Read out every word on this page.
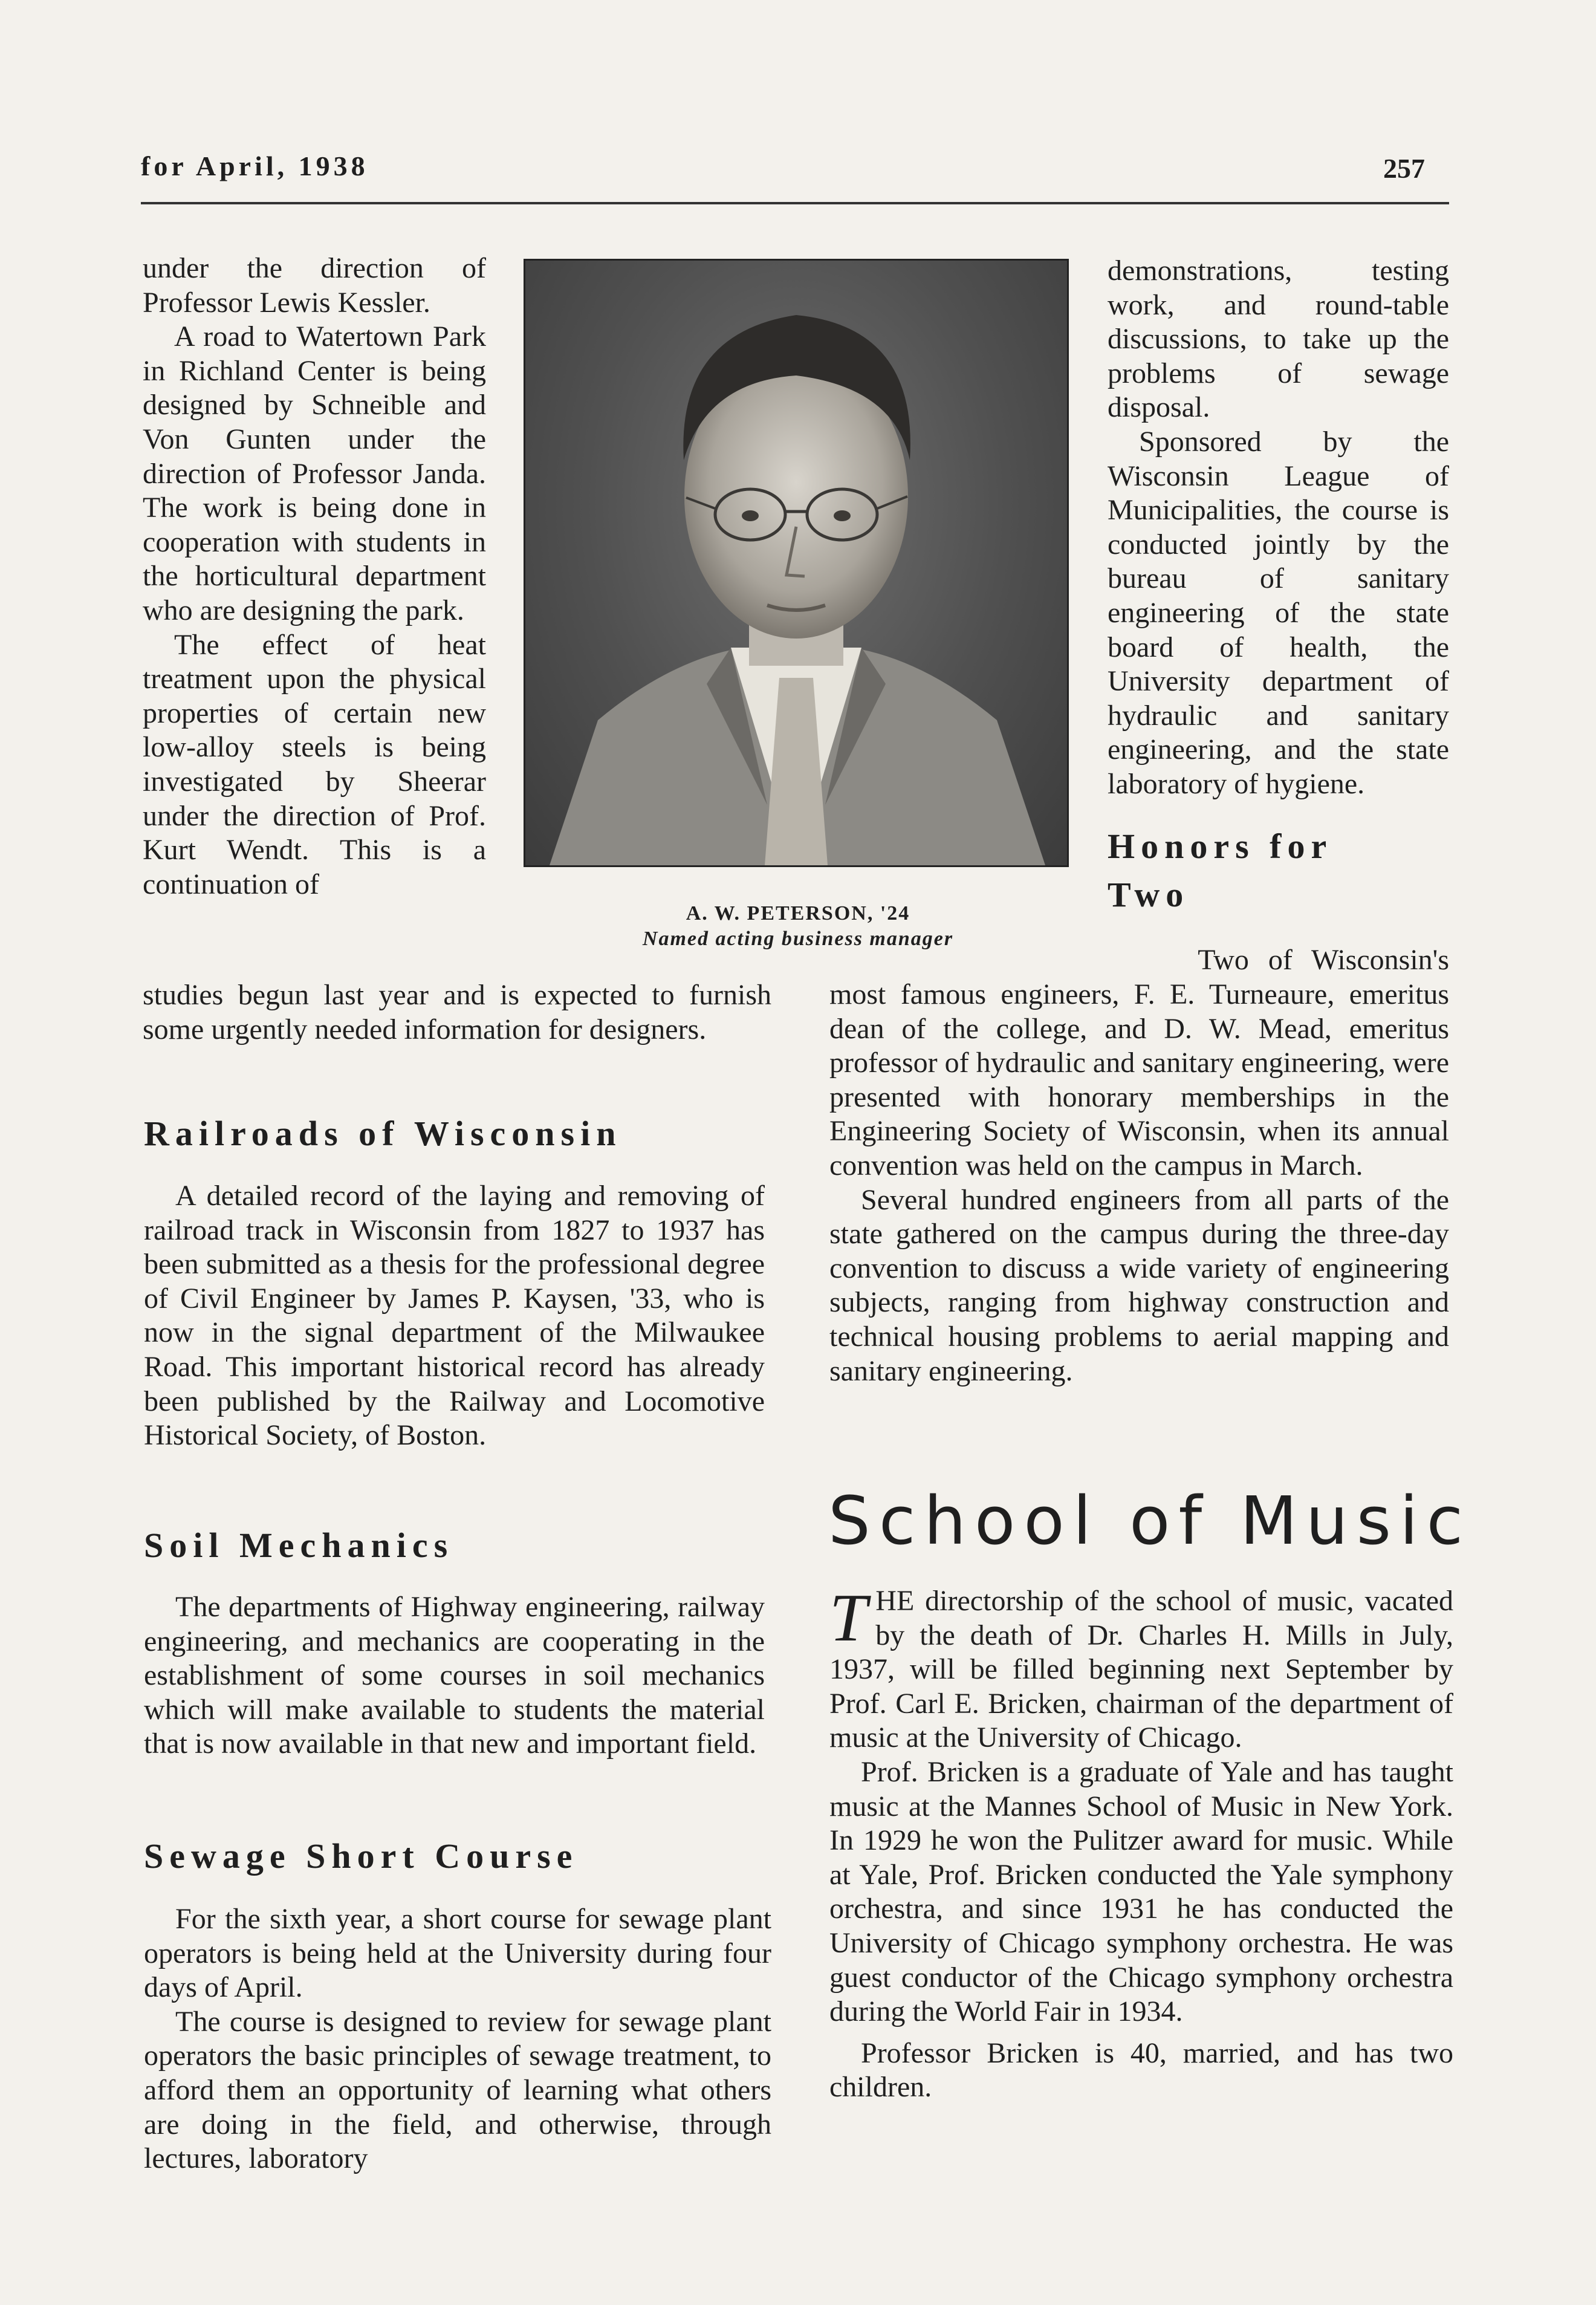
for April, 1938	257

under the direction of Professor Lewis Kessler.

A road to Watertown Park in Richland Center is being designed by Schneible and Von Gunten under the direction of Professor Janda. The work is being done in cooperation with students in the horticultural department who are designing the park.

The effect of heat treatment upon the physical properties of certain new low-alloy steels is being investigated by Sheerar under the direction of Prof. Kurt Wendt. This is a continuation of

studies begun last year and is expected to furnish some urgently needed information for designers.

A. W. PETERSON, '24
Named acting business manager

demonstrations, testing work, and round-table discussions, to take up the problems of sewage disposal.

Sponsored by the Wisconsin League of Municipalities, the course is conducted jointly by the bureau of sanitary engineering of the state board of health, the University department of hydraulic and sanitary engineering, and the state laboratory of hygiene.

Honors for
Two

Two of Wisconsin's

most famous engineers, F. E. Turneaure, emeritus dean of the college, and D. W. Mead, emeritus professor of hydraulic and sanitary engineering, were presented with honorary memberships in the Engineering Society of Wisconsin, when its annual convention was held on the campus in March.

Several hundred engineers from all parts of the state gathered on the campus during the three-day convention to discuss a wide variety of engineering subjects, ranging from highway construction and technical housing problems to aerial mapping and sanitary engineering.

Railroads of Wisconsin

A detailed record of the laying and removing of railroad track in Wisconsin from 1827 to 1937 has been submitted as a thesis for the professional degree of Civil Engineer by James P. Kaysen, '33, who is now in the signal department of the Milwaukee Road. This important historical record has already been published by the Railway and Locomotive Historical Society, of Boston.

Soil Mechanics

The departments of Highway engineering, railway engineering, and mechanics are cooperating in the establishment of some courses in soil mechanics which will make available to students the material that is now available in that new and important field.

Sewage Short Course

For the sixth year, a short course for sewage plant operators is being held at the University during four days of April.

The course is designed to review for sewage plant operators the basic principles of sewage treatment, to afford them an opportunity of learning what others are doing in the field, and otherwise, through lectures, laboratory

School of Music

THE directorship of the school of music, vacated by the death of Dr. Charles H. Mills in July, 1937, will be filled beginning next September by Prof. Carl E. Bricken, chairman of the department of music at the University of Chicago.

Prof. Bricken is a graduate of Yale and has taught music at the Mannes School of Music in New York. In 1929 he won the Pulitzer award for music. While at Yale, Prof. Bricken conducted the Yale symphony orchestra, and since 1931 he has conducted the University of Chicago symphony orchestra. He was guest conductor of the Chicago symphony orchestra during the World Fair in 1934.

Professor Bricken is 40, married, and has two children.
